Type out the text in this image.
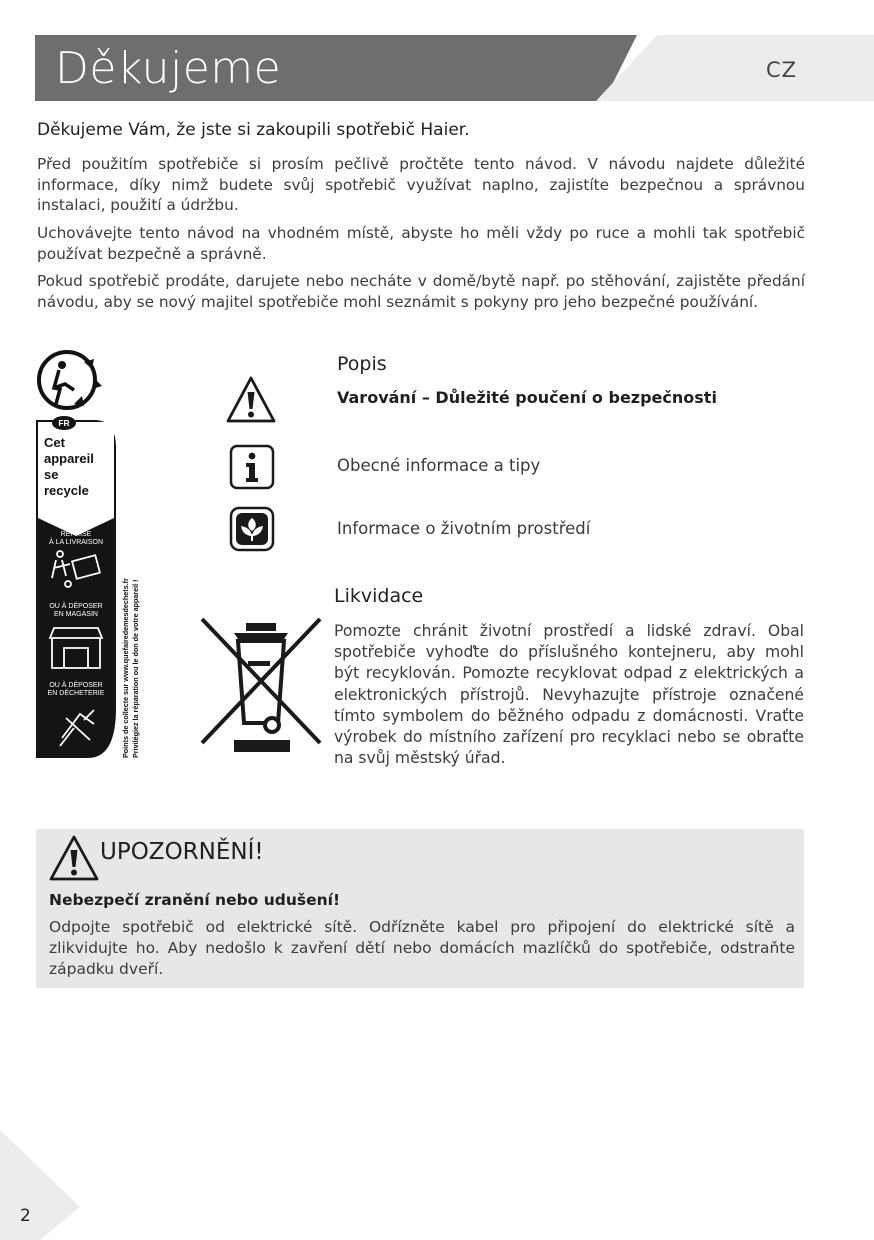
Děkujeme	CZ
Děkujeme Vám, že jste si zakoupili spotřebič Haier.
Před použitím spotřebiče si prosím pečlivě pročtěte tento návod. V návodu najdete důležité informace, díky nimž budete svůj spotřebič využívat naplno, zajistíte bezpečnou a správnou instalaci, použití a údržbu.
Uchovávejte tento návod na vhodném místě, abyste ho měli vždy po ruce a mohli tak spotřebič používat bezpečně a správně.
Pokud spotřebič prodáte, darujete nebo necháte v domě/bytě např. po stěhování, zajistěte předání návodu, aby se nový majitel spotřebiče mohl seznámit s pokyny pro jeho bezpečné používání.
FR
Cet
appareil
se
recycle
REPRISE
À LA LIVRAISON
OU À DÉPOSER
EN MAGASIN
OU À DÉPOSER
EN DÉCHETERIE Points de collecte sur www.quefairedemesdechets.fr Privilégiez la réparation ou le don de votre appareil !
Popis
Varování – Důležité poučení o bezpečnosti
Obecné informace a tipy
Informace o životním prostředí
Likvidace
Pomozte chránit životní prostředí a lidské zdraví. Obal spotřebiče vyhoďte do příslušného kontejneru, aby mohl být recyklován. Pomozte recyklovat odpad z elektrických a elektronických přístrojů. Nevyhazujte přístroje označené tímto symbolem do běžného odpadu z domácnosti. Vraťte výrobek do místního zařízení pro recyklaci nebo se obraťte na svůj městský úřad.
UPOZORNĚNÍ!
Nebezpečí zranění nebo udušení!
Odpojte spotřebič od elektrické sítě. Odřízněte kabel pro připojení do elektrické sítě a zlikvidujte ho. Aby nedošlo k zavření dětí nebo domácích mazlíčků do spotřebiče, odstraňte západku dveří.
2
